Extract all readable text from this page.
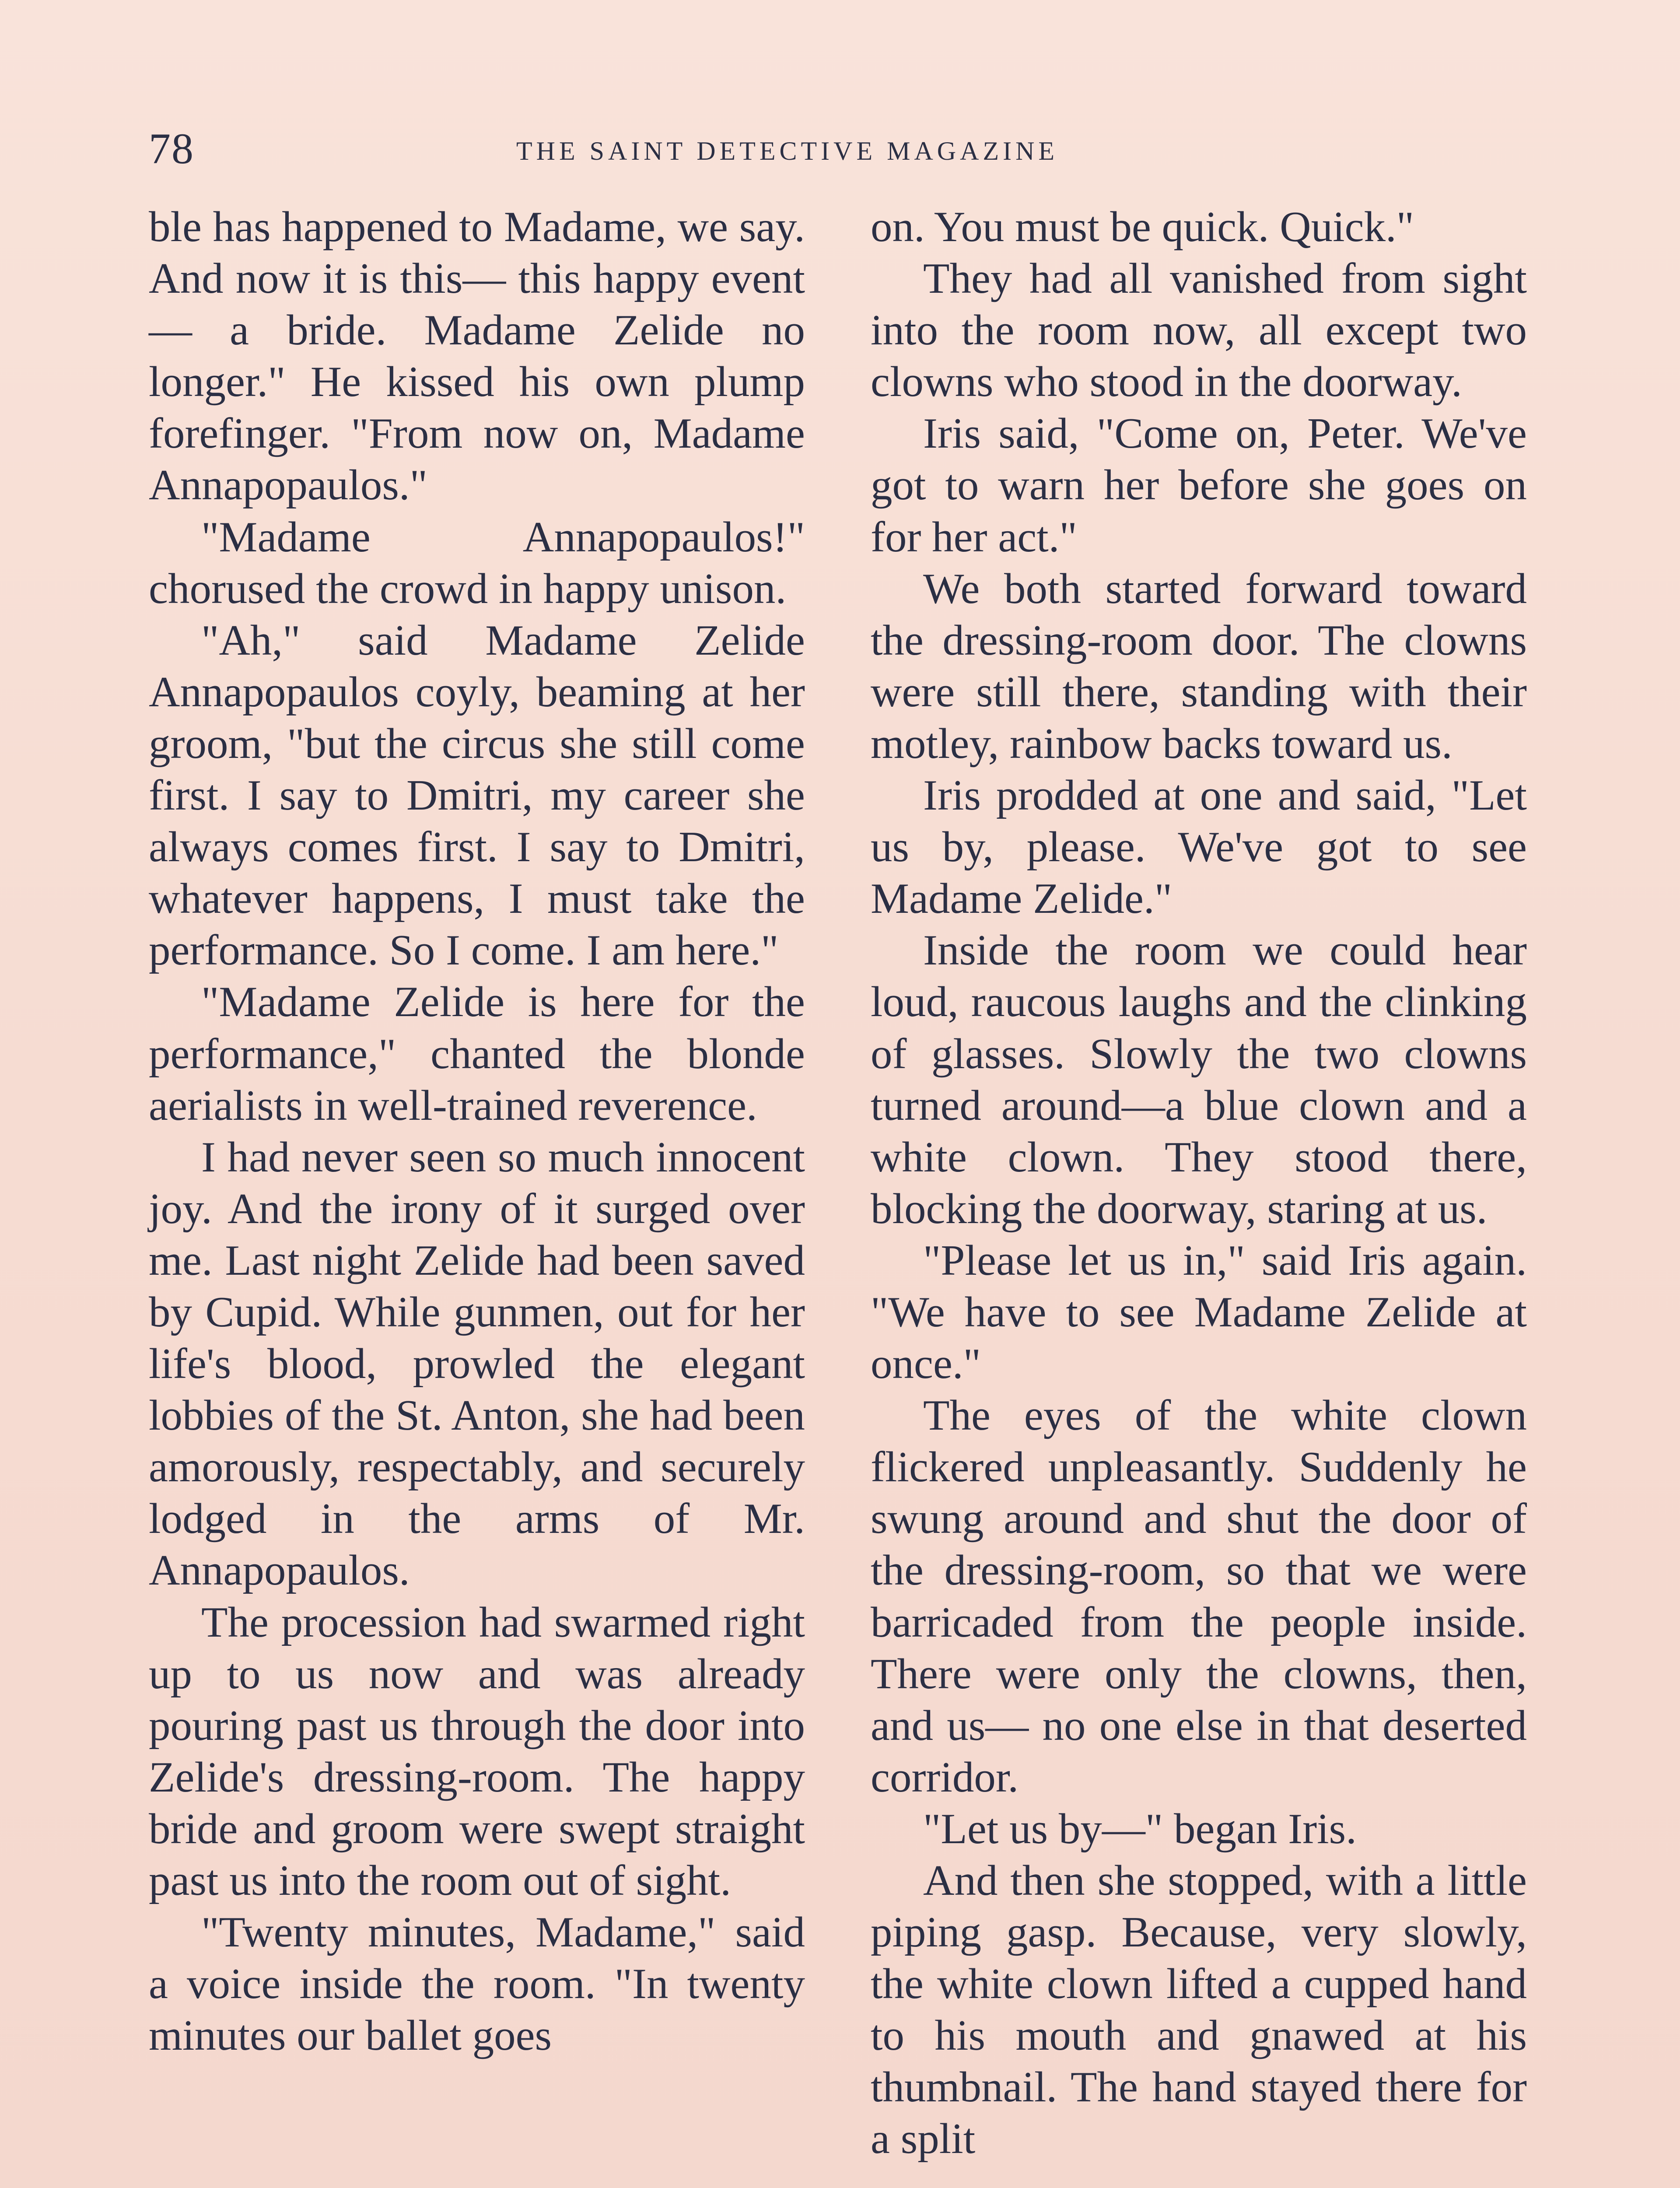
78	THE SAINT DETECTIVE MAGAZINE

ble has happened to Madame, we say. And now it is this— this happy event — a bride. Madame Zelide no longer." He kissed his own plump forefinger. "From now on, Madame Annapopaulos."

"Madame Annapopaulos!" chorused the crowd in happy unison.

"Ah," said Madame Zelide Annapopaulos coyly, beaming at her groom, "but the circus she still come first. I say to Dmitri, my career she always comes first. I say to Dmitri, whatever happens, I must take the performance. So I come. I am here."

"Madame Zelide is here for the performance," chanted the blonde aerialists in well-trained reverence.

I had never seen so much innocent joy. And the irony of it surged over me. Last night Zelide had been saved by Cupid. While gunmen, out for her life's blood, prowled the elegant lobbies of the St. Anton, she had been amorously, respectably, and securely lodged in the arms of Mr. Annapopaulos.

The procession had swarmed right up to us now and was already pouring past us through the door into Zelide's dressing-room. The happy bride and groom were swept straight past us into the room out of sight.

"Twenty minutes, Madame," said a voice inside the room. "In twenty minutes our ballet goes

on. You must be quick. Quick."

They had all vanished from sight into the room now, all except two clowns who stood in the doorway.

Iris said, "Come on, Peter. We've got to warn her before she goes on for her act."

We both started forward toward the dressing-room door. The clowns were still there, standing with their motley, rainbow backs toward us.

Iris prodded at one and said, "Let us by, please. We've got to see Madame Zelide."

Inside the room we could hear loud, raucous laughs and the clinking of glasses. Slowly the two clowns turned around—a blue clown and a white clown. They stood there, blocking the doorway, staring at us.

"Please let us in," said Iris again. "We have to see Madame Zelide at once."

The eyes of the white clown flickered unpleasantly. Suddenly he swung around and shut the door of the dressing-room, so that we were barricaded from the people inside. There were only the clowns, then, and us— no one else in that deserted corridor.

"Let us by—" began Iris.

And then she stopped, with a little piping gasp. Because, very slowly, the white clown lifted a cupped hand to his mouth and gnawed at his thumbnail. The hand stayed there for a split
